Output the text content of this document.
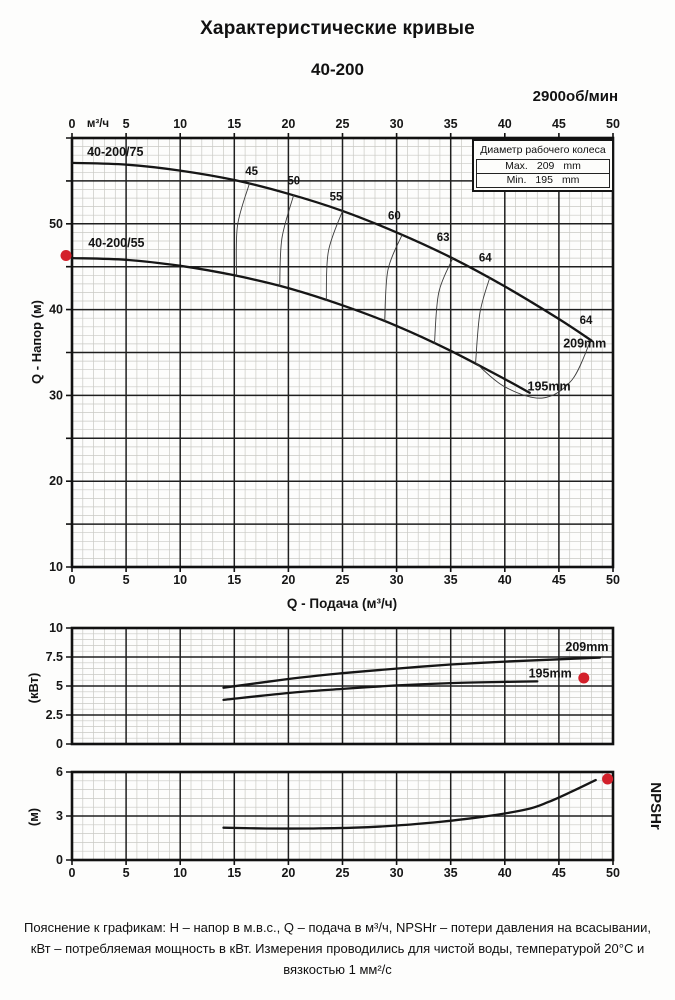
40-200/75
40-200/55
45
50
55
60
63
64
64
209mm
195mm
м³/ч
0	5	10	15	20	25	30	35	40	45	50
0	5	10	15	20	25	30	35	40	45	50
50
40
30
20
10
Q - Подача (м³/ч)
Q - Напор (м)
209mm
195mm
10
7.5
5
2.5
0
(кВт)
0	5	10	15	20	25	30	35	40	45	50
6
3
0
(м)	NPSHr
Характеристические кривые
40-200
2900об/мин
Диаметр рабочего колеса
Max. 209 mm
Min. 195 mm
Пояснение к графикам: Н – напор в м.в.с., Q – подача в м³/ч, NPSHr – потери давления на всасывании, кВт – потребляемая мощность в кВт. Измерения проводились для чистой воды, температурой 20°С и вязкостью 1 мм²/с
